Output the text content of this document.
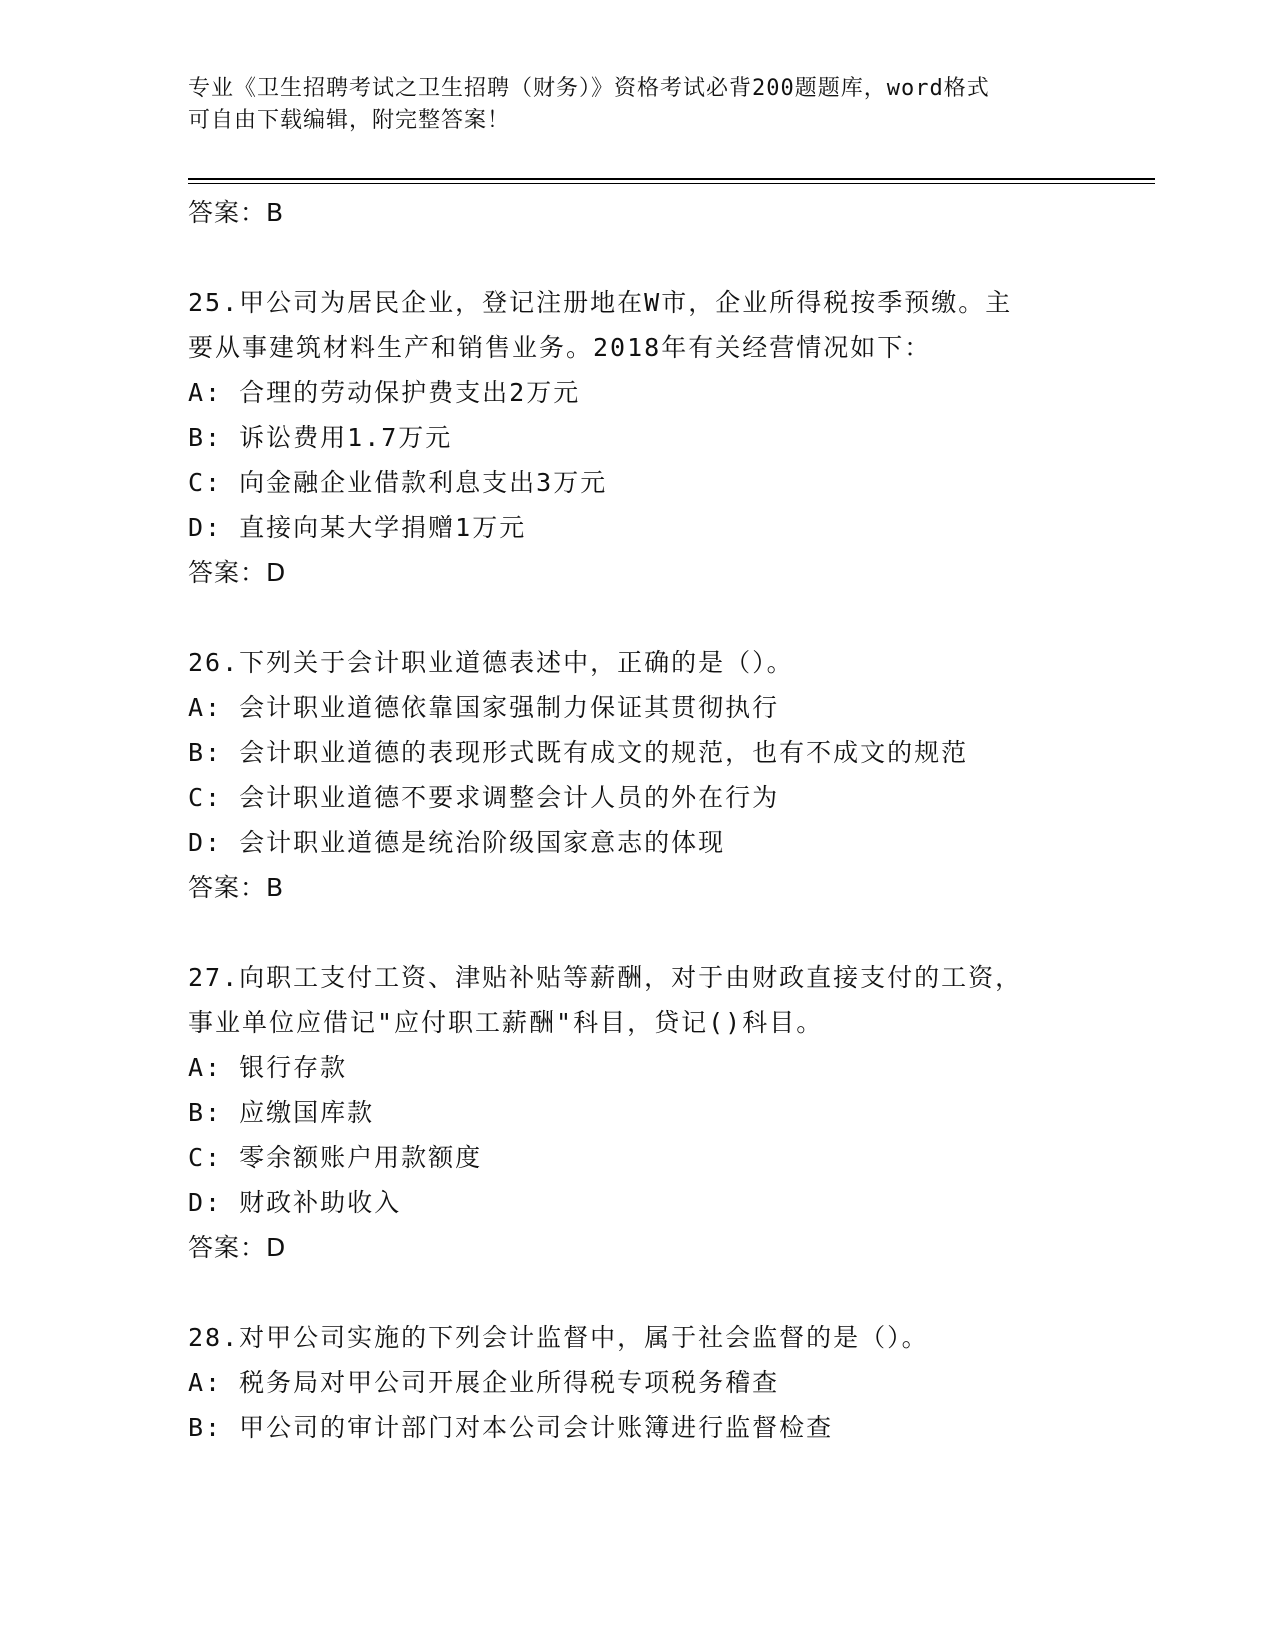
专业《卫生招聘考试之卫生招聘（财务）》资格考试必背200题题库，word格式
可自由下载编辑，附完整答案！
答案：B
25.甲公司为居民企业，登记注册地在W市，企业所得税按季预缴。主
要从事建筑材料生产和销售业务。2018年有关经营情况如下：
A: 合理的劳动保护费支出2万元
B: 诉讼费用1.7万元
C: 向金融企业借款利息支出3万元
D: 直接向某大学捐赠1万元
答案：D
26.下列关于会计职业道德表述中，正确的是（）。
A: 会计职业道德依靠国家强制力保证其贯彻执行
B: 会计职业道德的表现形式既有成文的规范，也有不成文的规范
C: 会计职业道德不要求调整会计人员的外在行为
D: 会计职业道德是统治阶级国家意志的体现
答案：B
27.向职工支付工资、津贴补贴等薪酬，对于由财政直接支付的工资，
事业单位应借记"应付职工薪酬"科目，贷记()科目。
A: 银行存款
B: 应缴国库款
C: 零余额账户用款额度
D: 财政补助收入
答案：D
28.对甲公司实施的下列会计监督中，属于社会监督的是（）。
A: 税务局对甲公司开展企业所得税专项税务稽查
B: 甲公司的审计部门对本公司会计账簿进行监督检查
